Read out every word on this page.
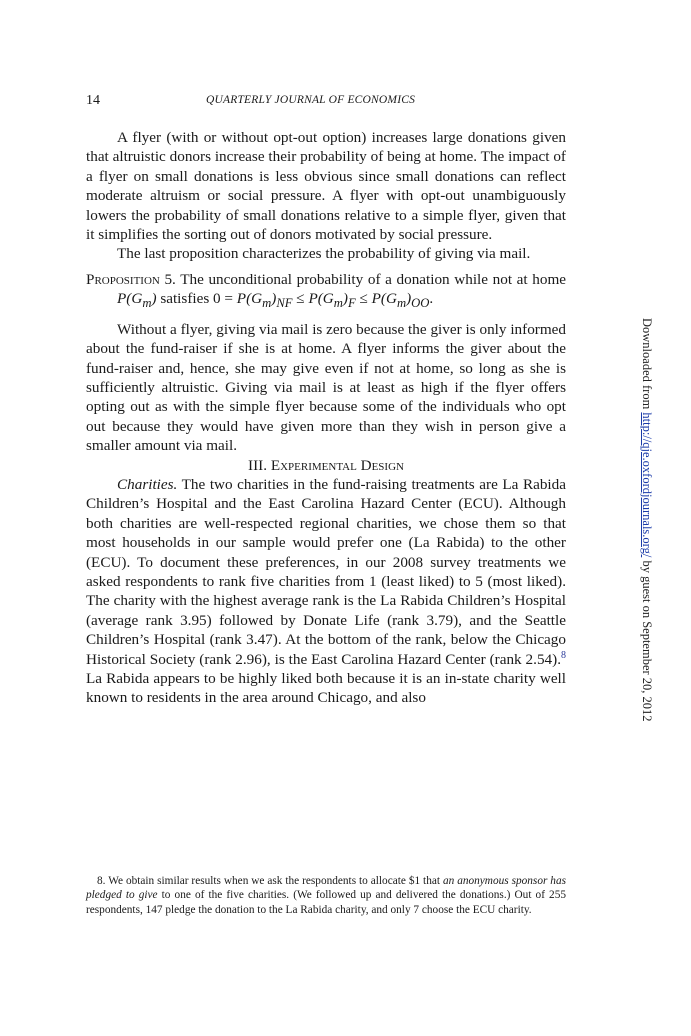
14	QUARTERLY JOURNAL OF ECONOMICS

A flyer (with or without opt-out option) increases large donations given that altruistic donors increase their probability of being at home. The impact of a flyer on small donations is less obvious since small donations can reflect moderate altruism or social pressure. A flyer with opt-out unambiguously lowers the probability of small donations relative to a simple flyer, given that it simplifies the sorting out of donors motivated by social pressure.

The last proposition characterizes the probability of giving via mail.

Proposition 5. The unconditional probability of a donation while not at home $P(G_m)$ satisfies $0 = P(G_m)_{NF} \le P(G_m)_F \le P(G_m)_{OO}$.

Without a flyer, giving via mail is zero because the giver is only informed about the fund-raiser if she is at home. A flyer informs the giver about the fund-raiser and, hence, she may give even if not at home, so long as she is sufficiently altruistic. Giving via mail is at least as high if the flyer offers opting out as with the simple flyer because some of the individuals who opt out because they would have given more than they wish in person give a smaller amount via mail.

III. Experimental Design

Charities. The two charities in the fund-raising treatments are La Rabida Children’s Hospital and the East Carolina Hazard Center (ECU). Although both charities are well-respected regional charities, we chose them so that most households in our sample would prefer one (La Rabida) to the other (ECU). To document these preferences, in our 2008 survey treatments we asked respondents to rank five charities from 1 (least liked) to 5 (most liked). The charity with the highest average rank is the La Rabida Children’s Hospital (average rank 3.95) followed by Donate Life (rank 3.79), and the Seattle Children’s Hospital (rank 3.47). At the bottom of the rank, below the Chicago Historical Society (rank 2.96), is the East Carolina Hazard Center (rank 2.54).$^8$ La Rabida appears to be highly liked both because it is an in-state charity well known to residents in the area around Chicago, and also

8. We obtain similar results when we ask the respondents to allocate $1 that an anonymous sponsor has pledged to give to one of the five charities. (We followed up and delivered the donations.) Out of 255 respondents, 147 pledge the donation to the La Rabida charity, and only 7 choose the ECU charity.

Downloaded from http://qje.oxfordjournals.org/ by guest on September 20, 2012
